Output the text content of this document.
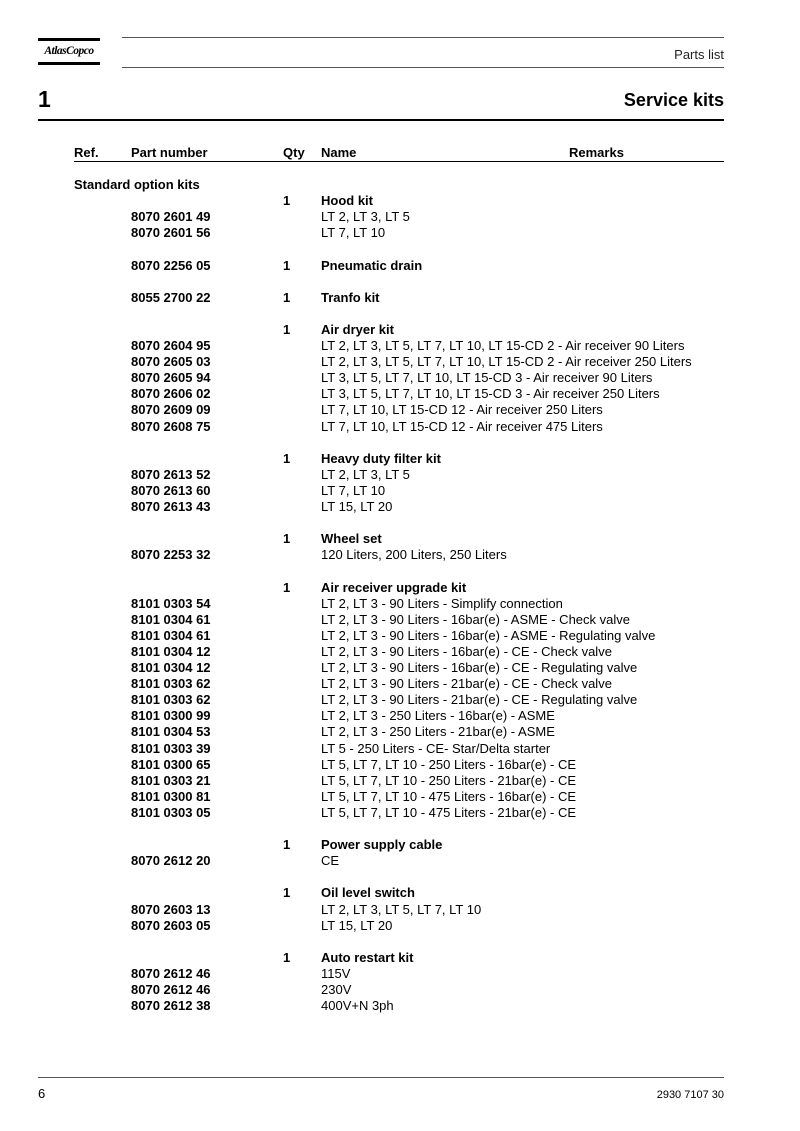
AtlasCopco	Parts list
1	Service kits
Ref. Part number	Qty Name	Remarks
Standard option kits
1 Hood kit
8070 2601 49	LT 2, LT 3, LT 5
8070 2601 56	LT 7, LT 10
8070 2256 05	1 Pneumatic drain
8055 2700 22	1 Tranfo kit
1 Air dryer kit
8070 2604 95	LT 2, LT 3, LT 5, LT 7, LT 10, LT 15-CD 2 - Air receiver 90 Liters
8070 2605 03	LT 2, LT 3, LT 5, LT 7, LT 10, LT 15-CD 2 - Air receiver 250 Liters
8070 2605 94	LT 3, LT 5, LT 7, LT 10, LT 15-CD 3 - Air receiver 90 Liters
8070 2606 02	LT 3, LT 5, LT 7, LT 10, LT 15-CD 3 - Air receiver 250 Liters
8070 2609 09	LT 7, LT 10, LT 15-CD 12 - Air receiver 250 Liters
8070 2608 75	LT 7, LT 10, LT 15-CD 12 - Air receiver 475 Liters
1 Heavy duty filter kit
8070 2613 52	LT 2, LT 3, LT 5
8070 2613 60	LT 7, LT 10
8070 2613 43	LT 15, LT 20
1 Wheel set
8070 2253 32	120 Liters, 200 Liters, 250 Liters
1 Air receiver upgrade kit
8101 0303 54	LT 2, LT 3 - 90 Liters - Simplify connection
8101 0304 61	LT 2, LT 3 - 90 Liters - 16bar(e) - ASME - Check valve
8101 0304 61	LT 2, LT 3 - 90 Liters - 16bar(e) - ASME - Regulating valve
8101 0304 12	LT 2, LT 3 - 90 Liters - 16bar(e) - CE - Check valve
8101 0304 12	LT 2, LT 3 - 90 Liters - 16bar(e) - CE - Regulating valve
8101 0303 62	LT 2, LT 3 - 90 Liters - 21bar(e) - CE - Check valve
8101 0303 62	LT 2, LT 3 - 90 Liters - 21bar(e) - CE - Regulating valve
8101 0300 99	LT 2, LT 3 - 250 Liters - 16bar(e) - ASME
8101 0304 53	LT 2, LT 3 - 250 Liters - 21bar(e) - ASME
8101 0303 39	LT 5 - 250 Liters - CE- Star/Delta starter
8101 0300 65	LT 5, LT 7, LT 10 - 250 Liters - 16bar(e) - CE
8101 0303 21	LT 5, LT 7, LT 10 - 250 Liters - 21bar(e) - CE
8101 0300 81	LT 5, LT 7, LT 10 - 475 Liters - 16bar(e) - CE
8101 0303 05	LT 5, LT 7, LT 10 - 475 Liters - 21bar(e) - CE
1 Power supply cable
8070 2612 20	CE
1 Oil level switch
8070 2603 13	LT 2, LT 3, LT 5, LT 7, LT 10
8070 2603 05	LT 15, LT 20
1 Auto restart kit
8070 2612 46	115V
8070 2612 46	230V
8070 2612 38	400V+N 3ph
6	2930 7107 30
